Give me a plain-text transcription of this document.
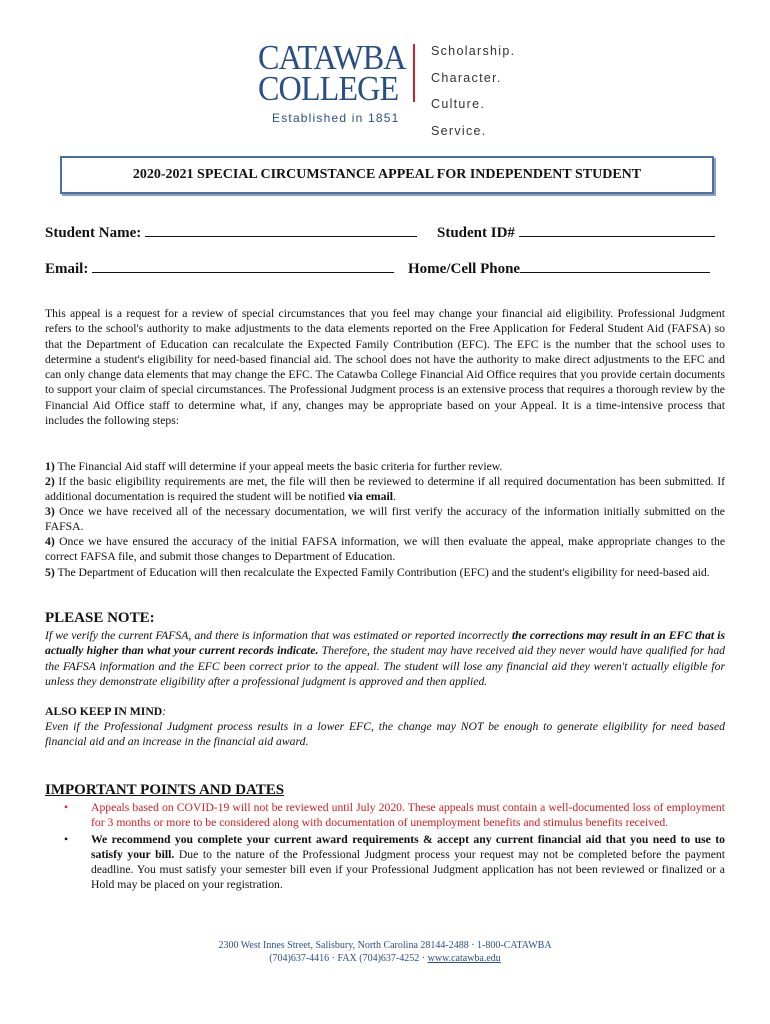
CATAWBA
COLLEGE
Established in 1851
Scholarship.
Character.
Culture.
Service.
2020-2021 SPECIAL CIRCUMSTANCE APPEAL FOR INDEPENDENT STUDENT
Student Name:	Student ID#
Email:	Home/Cell Phone
This appeal is a request for a review of special circumstances that you feel may change your financial aid eligibility. Professional Judgment refers to the school's authority to make adjustments to the data elements reported on the Free Application for Federal Student Aid (FAFSA) so that the Department of Education can recalculate the Expected Family Contribution (EFC). The EFC is the number that the school uses to determine a student's eligibility for need-based financial aid. The school does not have the authority to make direct adjustments to the EFC and can only change data elements that may change the EFC. The Catawba College Financial Aid Office requires that you provide certain documents to support your claim of special circumstances. The Professional Judgment process is an extensive process that requires a thorough review by the Financial Aid Office staff to determine what, if any, changes may be appropriate based on your Appeal. It is a time-intensive process that includes the following steps:
1) The Financial Aid staff will determine if your appeal meets the basic criteria for further review.
2) If the basic eligibility requirements are met, the file will then be reviewed to determine if all required documentation has been submitted. If additional documentation is required the student will be notified via email.
3) Once we have received all of the necessary documentation, we will first verify the accuracy of the information initially submitted on the FAFSA.
4) Once we have ensured the accuracy of the initial FAFSA information, we will then evaluate the appeal, make appropriate changes to the correct FAFSA file, and submit those changes to Department of Education.
5) The Department of Education will then recalculate the Expected Family Contribution (EFC) and the student's eligibility for need-based aid.
PLEASE NOTE:
If we verify the current FAFSA, and there is information that was estimated or reported incorrectly the corrections may result in an EFC that is actually higher than what your current records indicate. Therefore, the student may have received aid they never would have qualified for had the FAFSA information and the EFC been correct prior to the appeal. The student will lose any financial aid they weren't actually eligible for unless they demonstrate eligibility after a professional judgment is approved and then applied.
ALSO KEEP IN MIND:
Even if the Professional Judgment process results in a lower EFC, the change may NOT be enough to generate eligibility for need based financial aid and an increase in the financial aid award.
IMPORTANT POINTS AND DATES
• Appeals based on COVID-19 will not be reviewed until July 2020. These appeals must contain a well-documented loss of employment for 3 months or more to be considered along with documentation of unemployment benefits and stimulus benefits received.
• We recommend you complete your current award requirements & accept any current financial aid that you need to use to satisfy your bill. Due to the nature of the Professional Judgment process your request may not be completed before the payment deadline. You must satisfy your semester bill even if your Professional Judgment application has not been reviewed or finalized or a Hold may be placed on your registration.
2300 West Innes Street, Salisbury, North Carolina 28144-2488 · 1-800-CATAWBA
(704)637-4416 · FAX (704)637-4252 · www.catawba.edu
